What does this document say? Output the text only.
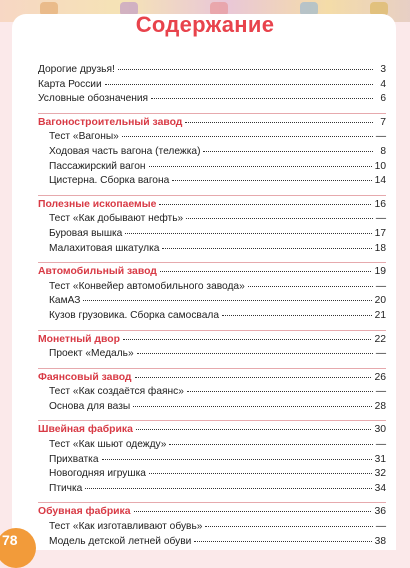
Содержание
Дорогие друзья!	3
Карта России	4
Условные обозначения	6
Вагоностроительный завод	7
Тест «Вагоны»	—
Ходовая часть вагона (тележка)	8
Пассажирский вагон	10
Цистерна. Сборка вагона	14
Полезные ископаемые	16
Тест «Как добывают нефть»	—
Буровая вышка	17
Малахитовая шкатулка	18
Автомобильный завод	19
Тест «Конвейер автомобильного завода»	—
КамАЗ	20
Кузов грузовика. Сборка самосвала	21
Монетный двор	22
Проект «Медаль»	—
Фаянсовый завод	26
Тест «Как создаётся фаянс»	—
Основа для вазы	28
Швейная фабрика	30
Тест «Как шьют одежду»	—
Прихватка	31
Новогодняя игрушка	32
Птичка	34
Обувная фабрика	36
Тест «Как изготавливают обувь»	—
Модель детской летней обуви	38
78
